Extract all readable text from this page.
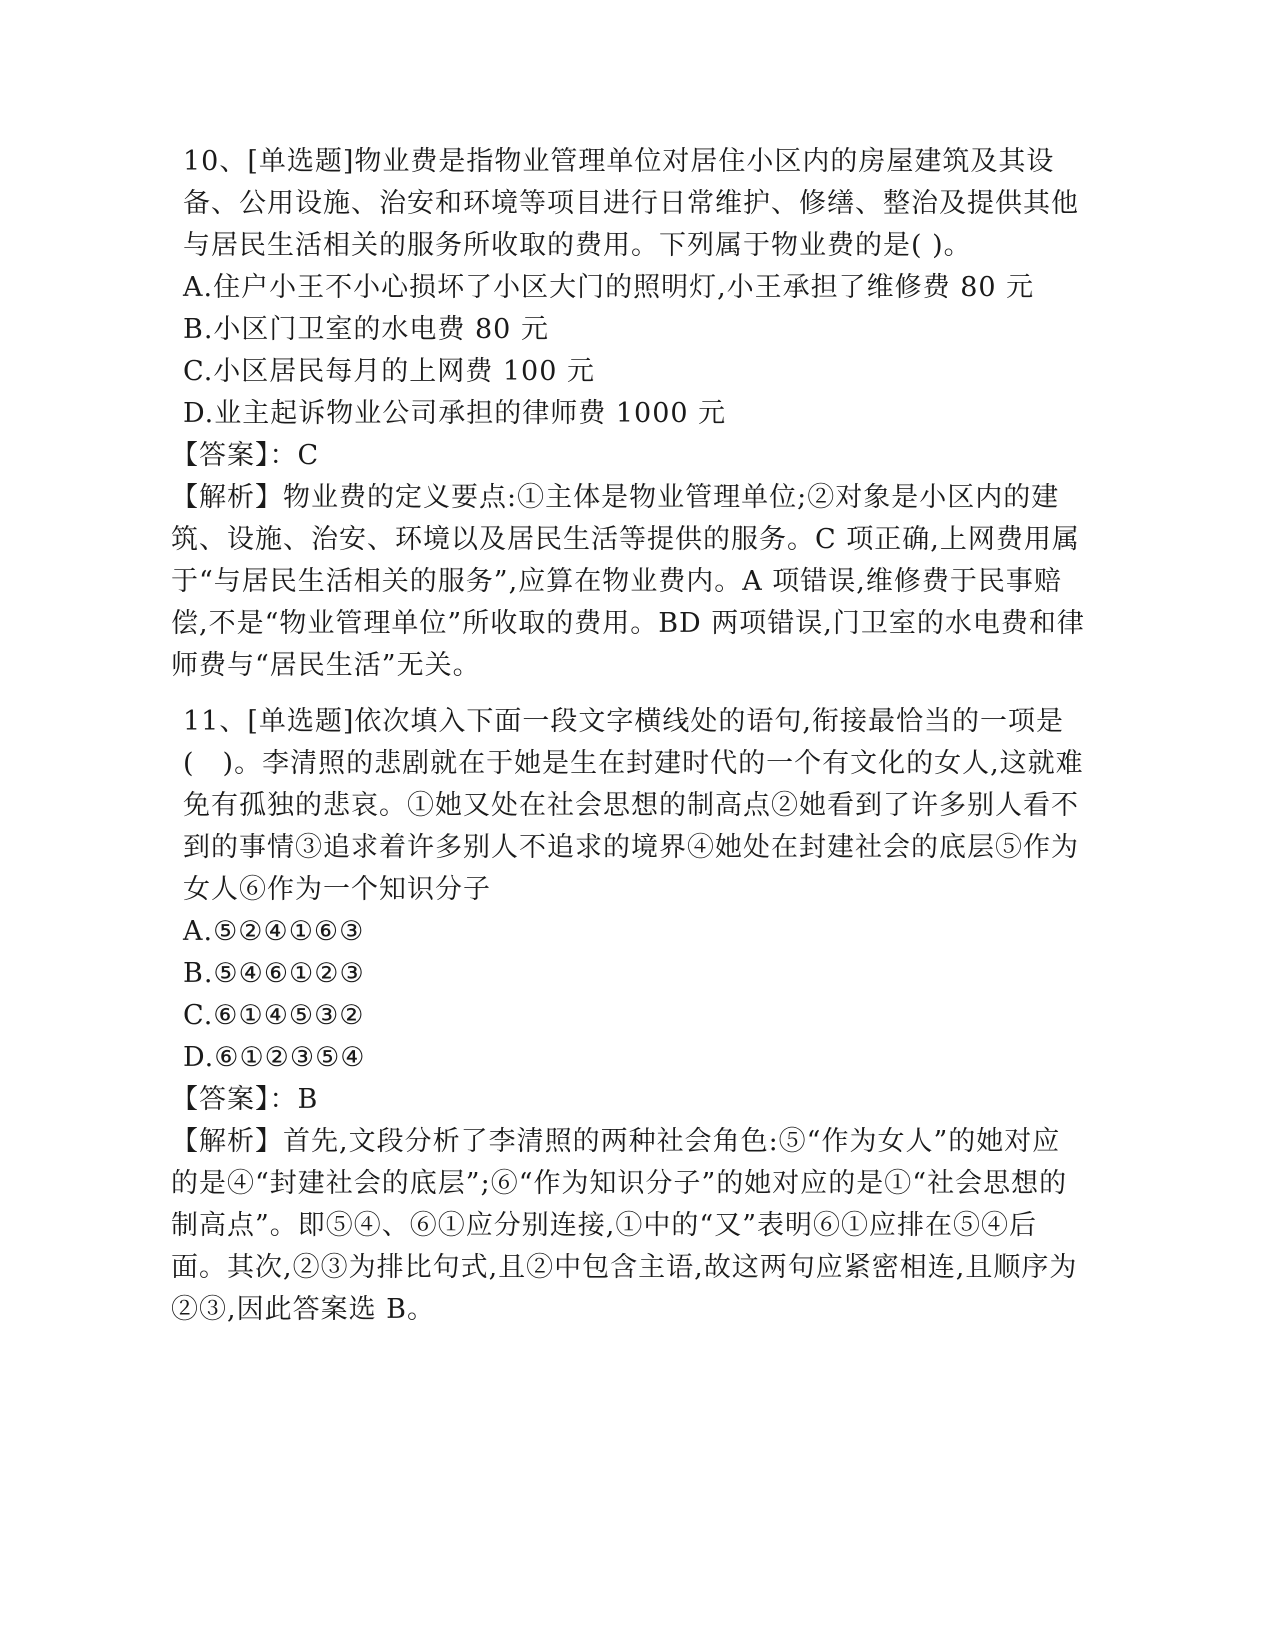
10、[单选题]物业费是指物业管理单位对居住小区内的房屋建筑及其设备、公用设施、治安和环境等项目进行日常维护、修缮、整治及提供其他与居民生活相关的服务所收取的费用。下列属于物业费的是( )。

A.住户小王不小心损坏了小区大门的照明灯,小王承担了维修费 80 元

B.小区门卫室的水电费 80 元

C.小区居民每月的上网费 100 元

D.业主起诉物业公司承担的律师费 1000 元

【答案】：C

【解析】物业费的定义要点:①主体是物业管理单位;②对象是小区内的建筑、设施、治安、环境以及居民生活等提供的服务。C 项正确,上网费用属于“与居民生活相关的服务”,应算在物业费内。A 项错误,维修费于民事赔偿,不是“物业管理单位”所收取的费用。BD 两项错误,门卫室的水电费和律师费与“居民生活”无关。

11、[单选题]依次填入下面一段文字横线处的语句,衔接最恰当的一项是(　)。李清照的悲剧就在于她是生在封建时代的一个有文化的女人,这就难免有孤独的悲哀。①她又处在社会思想的制高点②她看到了许多别人看不到的事情③追求着许多别人不追求的境界④她处在封建社会的底层⑤作为女人⑥作为一个知识分子

A.⑤②④①⑥③

B.⑤④⑥①②③

C.⑥①④⑤③②

D.⑥①②③⑤④

【答案】：B

【解析】首先,文段分析了李清照的两种社会角色:⑤“作为女人”的她对应的是④“封建社会的底层”;⑥“作为知识分子”的她对应的是①“社会思想的制高点”。即⑤④、⑥①应分别连接,①中的“又”表明⑥①应排在⑤④后面。其次,②③为排比句式,且②中包含主语,故这两句应紧密相连,且顺序为②③,因此答案选 B。
